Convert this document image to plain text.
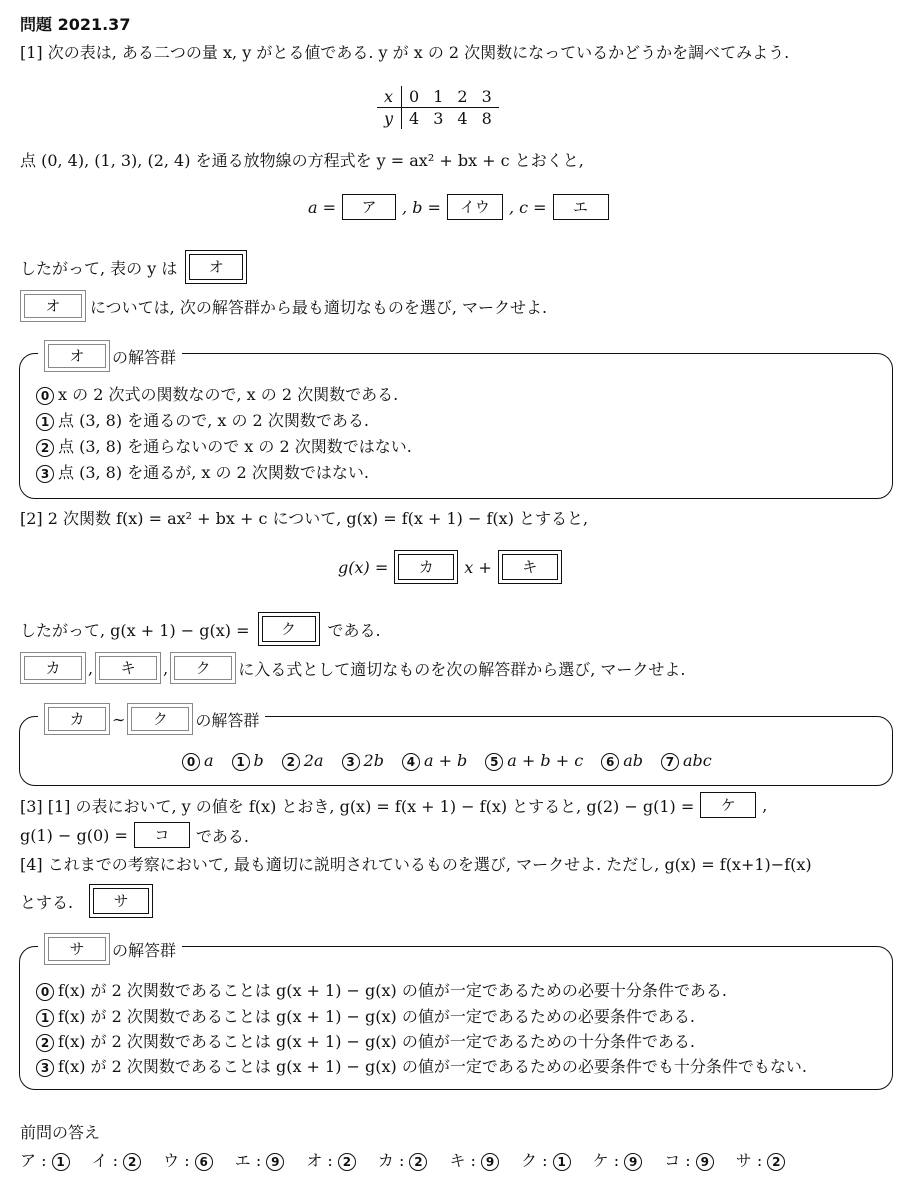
問題 2021.37
[1] 次の表は, ある二つの量 x, y がとる値である. y が x の 2 次関数になっているかどうかを調べてみよう.
x	0	1	2	3
y	4	3	4	8
点 (0, 4), (1, 3), (2, 4) を通る放物線の方程式を y = ax² + bx + c とおくと,
a =	ア	, b =	イウ	, c =	エ
したがって, 表の y は	オ
オ	については, 次の解答群から最も適切なものを選び, マークせよ.
オ	の解答群
0 x の 2 次式の関数なので, x の 2 次関数である.
1 点 (3, 8) を通るので, x の 2 次関数である.
2 点 (3, 8) を通らないので x の 2 次関数ではない.
3 点 (3, 8) を通るが, x の 2 次関数ではない.
[2] 2 次関数 f(x) = ax² + bx + c について, g(x) = f(x + 1) − f(x) とすると,
g(x) =	カ	x +	キ
したがって, g(x + 1) − g(x) =	ク	である.
カ	,	キ	,	ク	に入る式として適切なものを次の解答群から選び, マークせよ.
カ	∼	ク	の解答群
0 a	1 b	2 2a	3 2b	4 a + b	5 a + b + c	6 ab	7 abc
[3] [1] の表において, y の値を f(x) とおき, g(x) = f(x + 1) − f(x) とすると, g(2) − g(1) =	ケ	,
g(1) − g(0) =	コ	である.
[4] これまでの考察において, 最も適切に説明されているものを選び, マークせよ. ただし, g(x) = f(x+1)−f(x)
とする.	サ
サ	の解答群
0 f(x) が 2 次関数であることは g(x + 1) − g(x) の値が一定であるための必要十分条件である.
1 f(x) が 2 次関数であることは g(x + 1) − g(x) の値が一定であるための必要条件である.
2 f(x) が 2 次関数であることは g(x + 1) − g(x) の値が一定であるための十分条件である.
3 f(x) が 2 次関数であることは g(x + 1) − g(x) の値が一定であるための必要条件でも十分条件でもない.
前問の答え
ア : 1	イ : 2	ウ : 6	エ : 9	オ : 2	カ : 2	キ : 9	ク : 1	ケ : 9	コ : 9	サ : 2
